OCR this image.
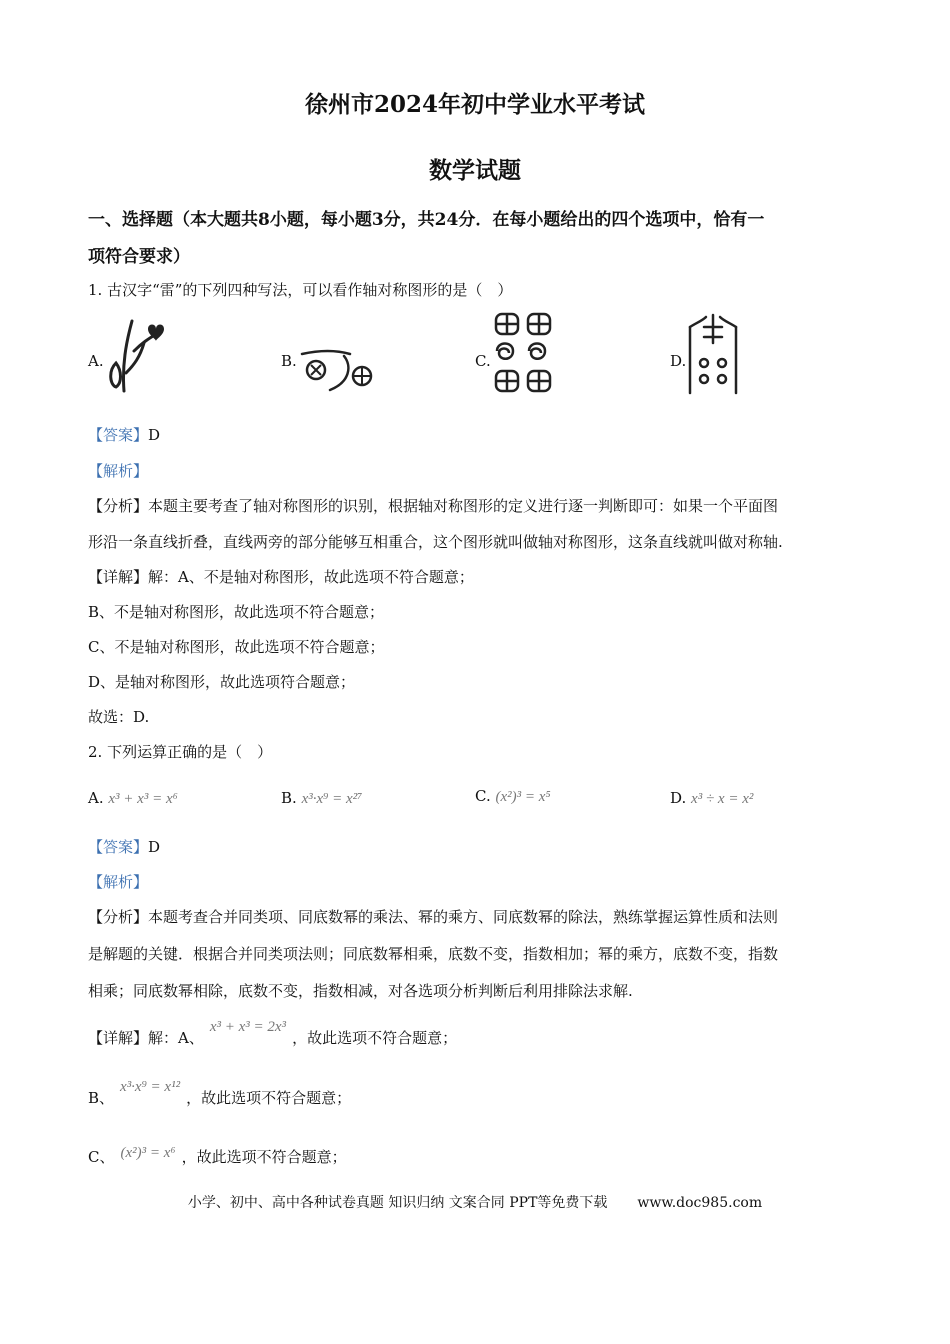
徐州市2024年初中学业水平考试
数学试题
一、选择题（本大题共8小题，每小题3分，共24分．在每小题给出的四个选项中，恰有一
项符合要求）
1. 古汉字“雷”的下列四种写法，可以看作轴对称图形的是（　）
A.	B.	C.	D.
【答案】D
【解析】
【分析】本题主要考查了轴对称图形的识别，根据轴对称图形的定义进行逐一判断即可：如果一个平面图
形沿一条直线折叠，直线两旁的部分能够互相重合，这个图形就叫做轴对称图形，这条直线就叫做对称轴.
【详解】解：A、不是轴对称图形，故此选项不符合题意；
B、不是轴对称图形，故此选项不符合题意；
C、不是轴对称图形，故此选项不符合题意；
D、是轴对称图形，故此选项符合题意；
故选：D.
2. 下列运算正确的是（　）
A. x³ + x³ = x⁶	B. x³·x⁹ = x²⁷	C. (x²)³ = x⁵	D. x³ ÷ x = x²
【答案】D
【解析】
【分析】本题考查合并同类项、同底数幂的乘法、幂的乘方、同底数幂的除法，熟练掌握运算性质和法则
是解题的关键．根据合并同类项法则；同底数幂相乘，底数不变，指数相加；幂的乘方，底数不变，指数
相乘；同底数幂相除，底数不变，指数相减，对各选项分析判断后利用排除法求解.
【详解】解：A、x³ + x³ = 2x³，故此选项不符合题意；
B、x³·x⁹ = x¹²，故此选项不符合题意；
C、 (x²)³ = x⁶ ，故此选项不符合题意；
小学、初中、高中各种试卷真题 知识归纳 文案合同 PPT等免费下载 www.doc985.com
